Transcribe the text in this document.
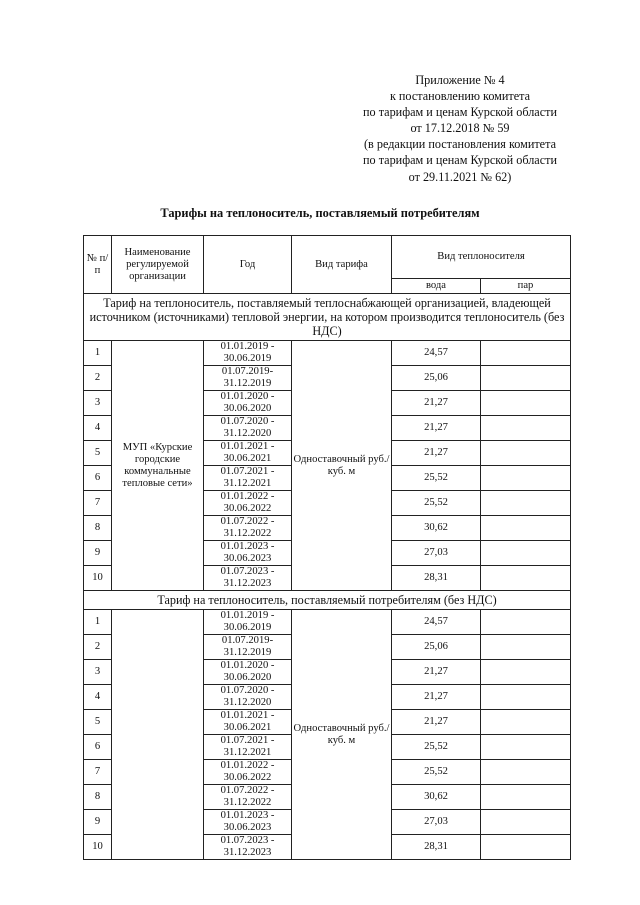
Приложение № 4
к постановлению комитета
по тарифам и ценам Курской области
от 17.12.2018 № 59
(в редакции постановления комитета
по тарифам и ценам Курской области
от 29.11.2021 № 62)
Тарифы на теплоноситель, поставляемый потребителям
№ п/п	Наименование регулируемой организации	Год	Вид тарифа	Вид теплоносителя	
				вода	пар
Тариф на теплоноситель, поставляемый теплоснабжающей организацией, владеющей источником (источниками) тепловой энергии, на котором производится теплоноситель (без НДС)					
1	МУП «Курские городские коммунальные тепловые сети»	01.01.2019 - 30.06.2019	Одноставочный руб./куб. м	24,57	
2		01.07.2019- 31.12.2019		25,06	
3		01.01.2020 - 30.06.2020		21,27	
4		01.07.2020 - 31.12.2020		21,27	
5		01.01.2021 - 30.06.2021		21,27	
6		01.07.2021 - 31.12.2021		25,52	
7		01.01.2022 - 30.06.2022		25,52	
8		01.07.2022 - 31.12.2022		30,62	
9		01.01.2023 - 30.06.2023		27,03	
10		01.07.2023 - 31.12.2023		28,31	
Тариф на теплоноситель, поставляемый потребителям (без НДС)					
1		01.01.2019 - 30.06.2019	Одноставочный руб./куб. м	24,57	
2		01.07.2019- 31.12.2019		25,06	
3		01.01.2020 - 30.06.2020		21,27	
4		01.07.2020 - 31.12.2020		21,27	
5		01.01.2021 - 30.06.2021		21,27	
6		01.07.2021 - 31.12.2021		25,52	
7		01.01.2022 - 30.06.2022		25,52	
8		01.07.2022 - 31.12.2022		30,62	
9		01.01.2023 - 30.06.2023		27,03	
10		01.07.2023 - 31.12.2023		28,31	
